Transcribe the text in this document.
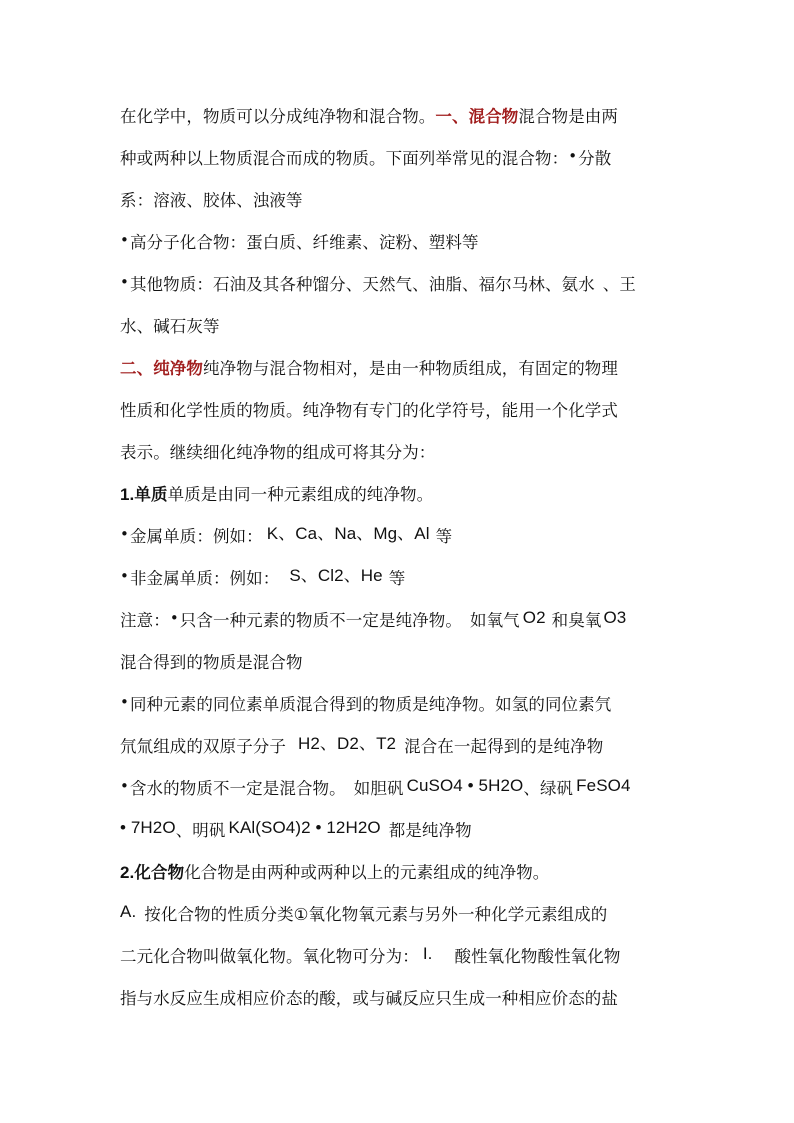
在化学中，物质可以分成纯净物和混合物。一、混合物混合物是由两
种或两种以上物质混合而成的物质。下面列举常见的混合物：•分散
系：溶液、胶体、浊液等
•高分子化合物：蛋白质、纤维素、淀粉、塑料等
•其他物质：石油及其各种馏分、天然气、油脂、福尔马林、氨水 、王
水、碱石灰等
二、纯净物纯净物与混合物相对，是由一种物质组成，有固定的物理
性质和化学性质的物质。纯净物有专门的化学符号，能用一个化学式
表示。继续细化纯净物的组成可将其分为：
1.单质单质是由同一种元素组成的纯净物。
•金属单质：例如： K、Ca、Na、Mg、Al 等
•非金属单质：例如： S、Cl2、He 等
注意：•只含一种元素的物质不一定是纯净物。 如氧气 O2 和臭氧 O3
混合得到的物质是混合物
•同种元素的同位素单质混合得到的物质是纯净物。如氢的同位素氕
氘氚组成的双原子分子 H2、D2、T2 混合在一起得到的是纯净物
•含水的物质不一定是混合物。 如胆矾 CuSO4 • 5H2O、绿矾 FeSO4
• 7H2O、明矾 KAl(SO4)2 • 12H2O 都是纯净物
2.化合物化合物是由两种或两种以上的元素组成的纯净物。
A. 按化合物的性质分类①氧化物氧元素与另外一种化学元素组成的
二元化合物叫做氧化物。氧化物可分为： I. 酸性氧化物酸性氧化物
指与水反应生成相应价态的酸，或与碱反应只生成一种相应价态的盐
